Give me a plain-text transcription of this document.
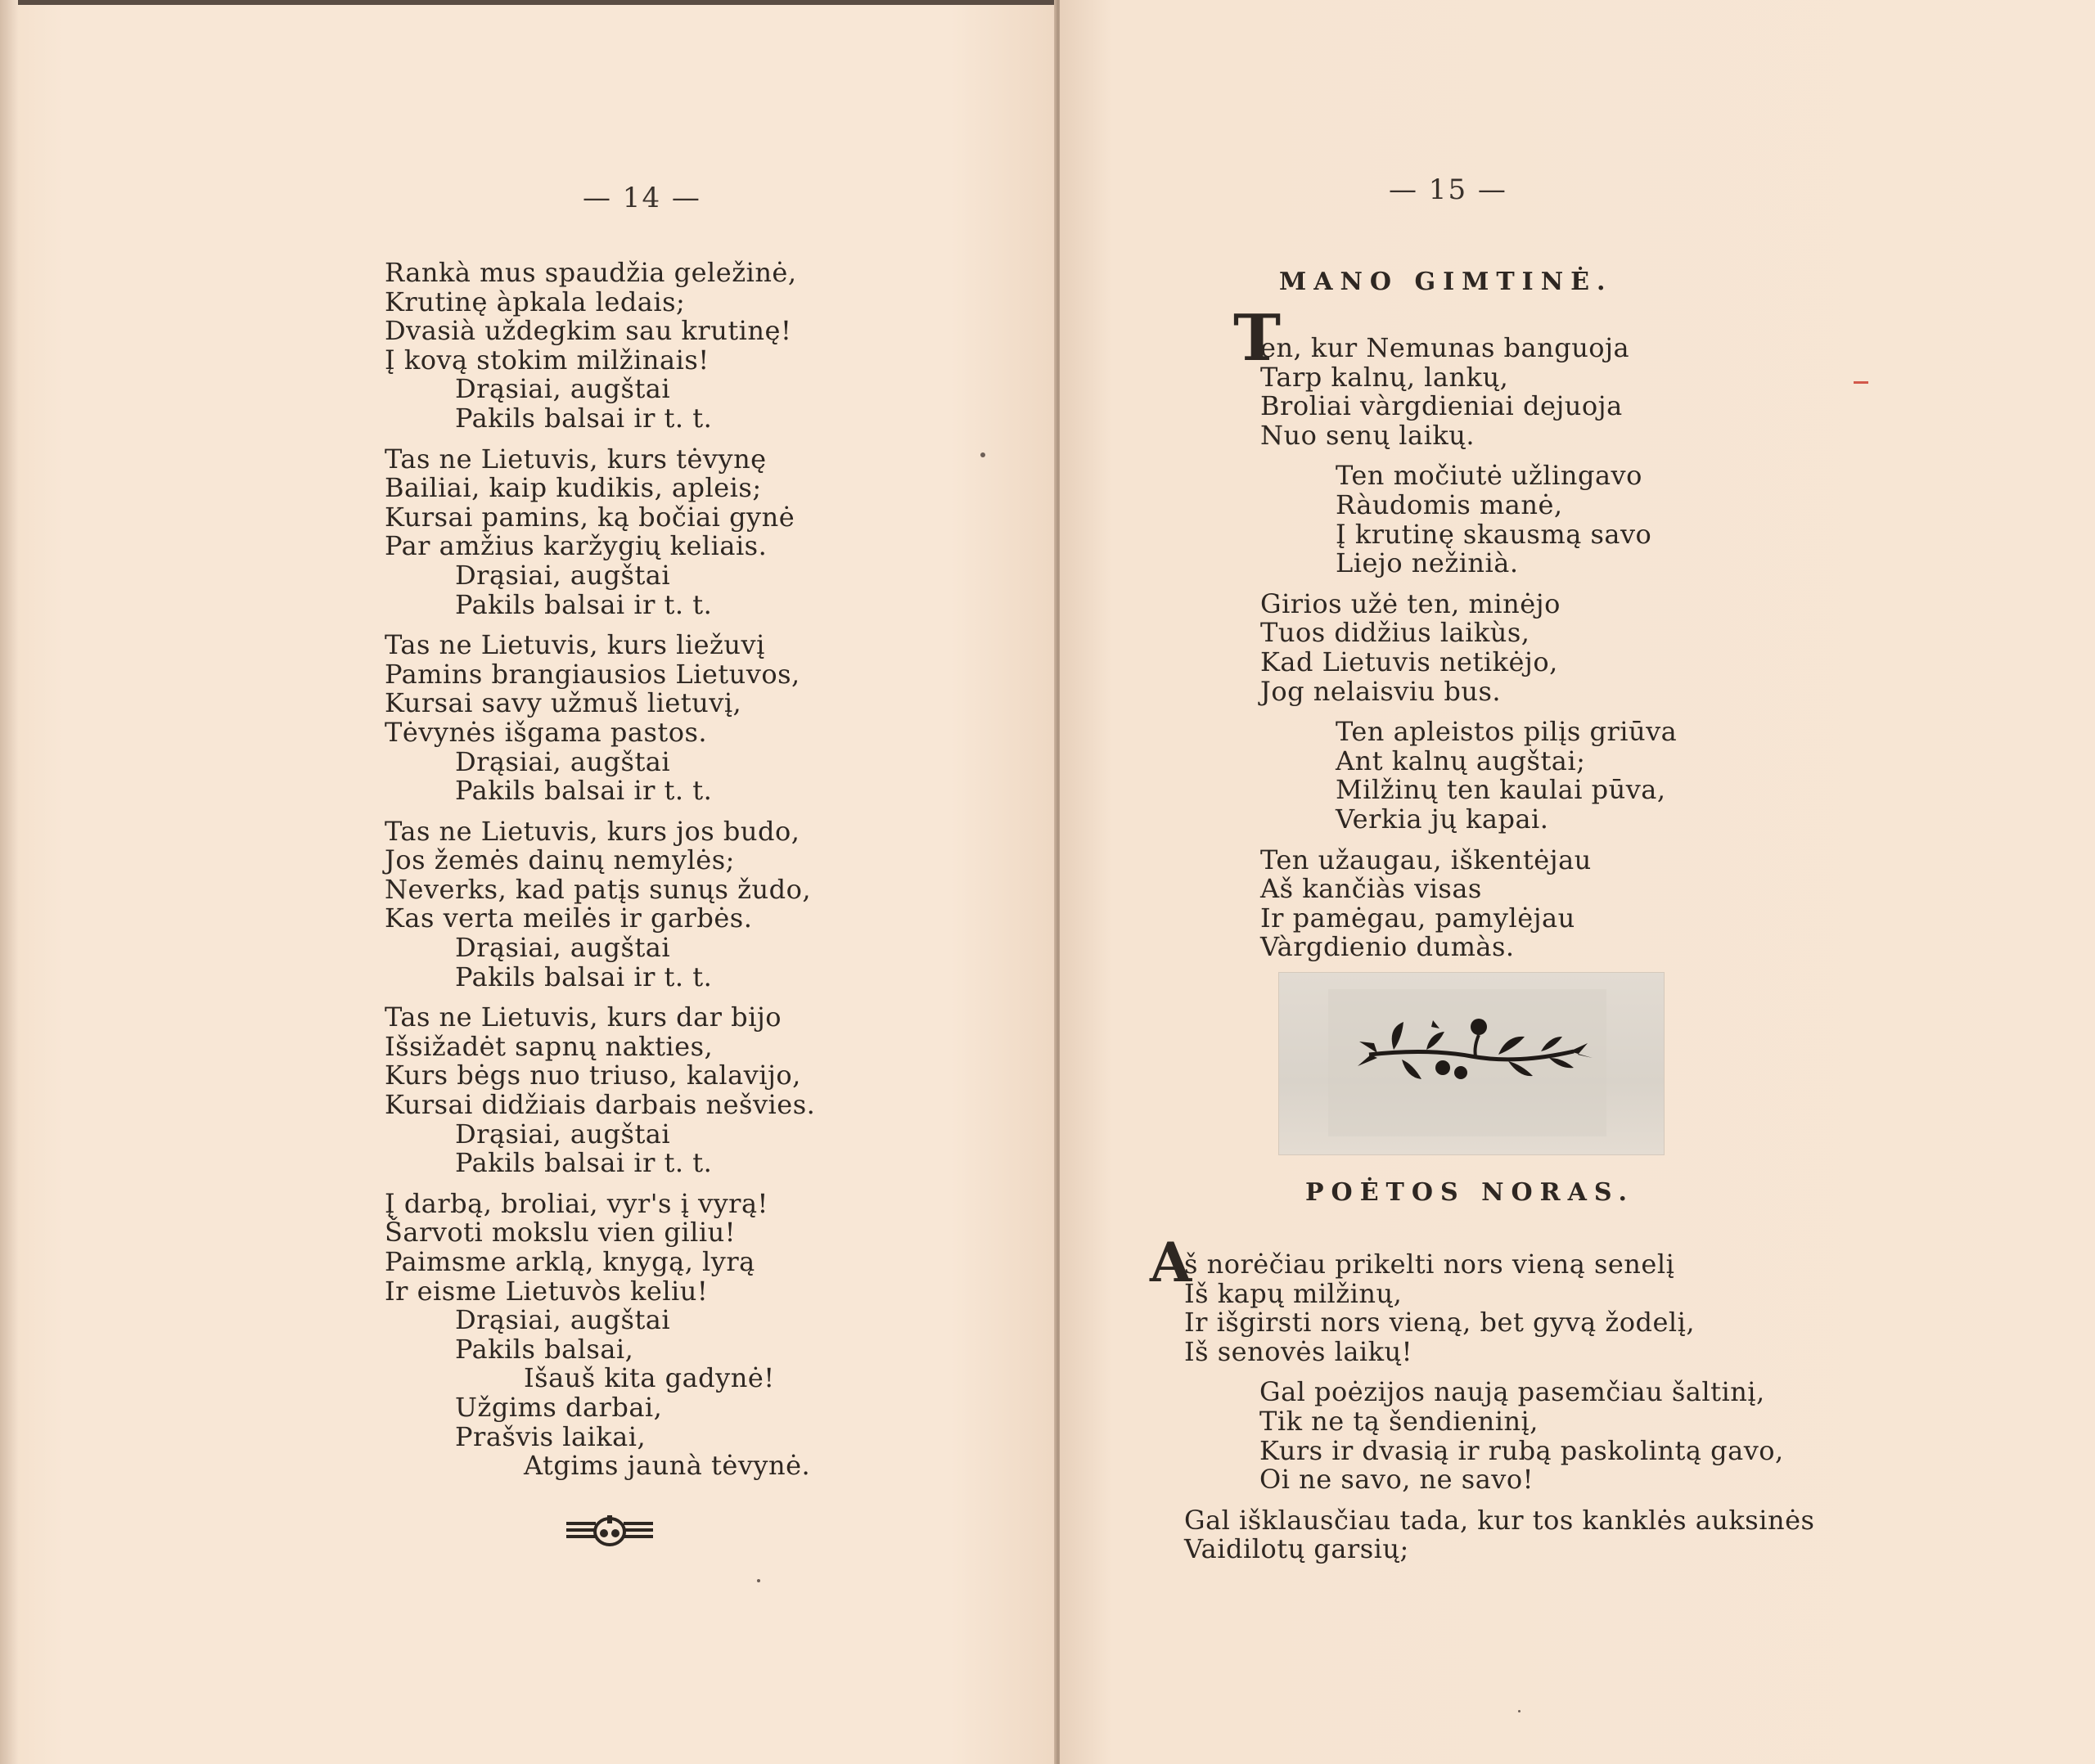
— 14 —
Rankà mus spaudžia geležinė,
Krutinę àpkala ledais;
Dvasià uždegkim sau krutinę!
Į kovą stokim milžinais!
Drąsiai, augštai
Pakils balsai ir t. t.
Tas ne Lietuvis, kurs tėvynę
Bailiai, kaip kudikis, apleis;
Kursai pamins, ką bočiai gynė
Par amžius karžygių keliais.
Drąsiai, augštai
Pakils balsai ir t. t.
Tas ne Lietuvis, kurs liežuvį
Pamins brangiausios Lietuvos,
Kursai savy užmuš lietuvį,
Tėvynės išgama pastos.
Drąsiai, augštai
Pakils balsai ir t. t.
Tas ne Lietuvis, kurs jos budo,
Jos žemės dainų nemylės;
Neverks, kad patįs sunųs žudo,
Kas verta meilės ir garbės.
Drąsiai, augštai
Pakils balsai ir t. t.
Tas ne Lietuvis, kurs dar bijo
Išsižadėt sapnų nakties,
Kurs bėgs nuo triuso, kalavijo,
Kursai didžiais darbais nešvies.
Drąsiai, augštai
Pakils balsai ir t. t.
Į darbą, broliai, vyr's į vyrą!
Šarvoti mokslu vien giliu!
Paimsme arklą, knygą, lyrą
Ir eisme Lietuvòs keliu!
Drąsiai, augštai
Pakils balsai,
Išauš kita gadynė!
Užgims darbai,
Prašvis laikai,
Atgims jaunà tėvynė.
— 15 —
MANO GIMTINĖ.
T
en, kur Nemunas banguoja
Tarp kalnų, lankų,
Broliai vàrgdieniai dejuoja
Nuo senų laikų.
Ten močiutė užlingavo
Ràudomis manė,
Į krutinę skausmą savo
Liejo nežinià.
Girios užė ten, minėjo
Tuos didžius laikùs,
Kad Lietuvis netikėjo,
Jog nelaisviu bus.
Ten apleistos pilįs griūva
Ant kalnų augštai;
Milžinų ten kaulai pūva,
Verkia jų kapai.
Ten užaugau, iškentėjau
Aš kančiàs visas
Ir pamėgau, pamylėjau
Vàrgdienio dumàs.
POĖTOS NORAS.
A
š norėčiau prikelti nors vieną senelį
Iš kapų milžinų,
Ir išgirsti nors vieną, bet gyvą žodelį,
Iš senovės laikų!
Gal poėzijos naują pasemčiau šaltinį,
Tik ne tą šendieninį,
Kurs ir dvasią ir rubą paskolintą gavo,
Oi ne savo, ne savo!
Gal išklausčiau tada, kur tos kanklės auksinės
Vaidilotų garsių;
